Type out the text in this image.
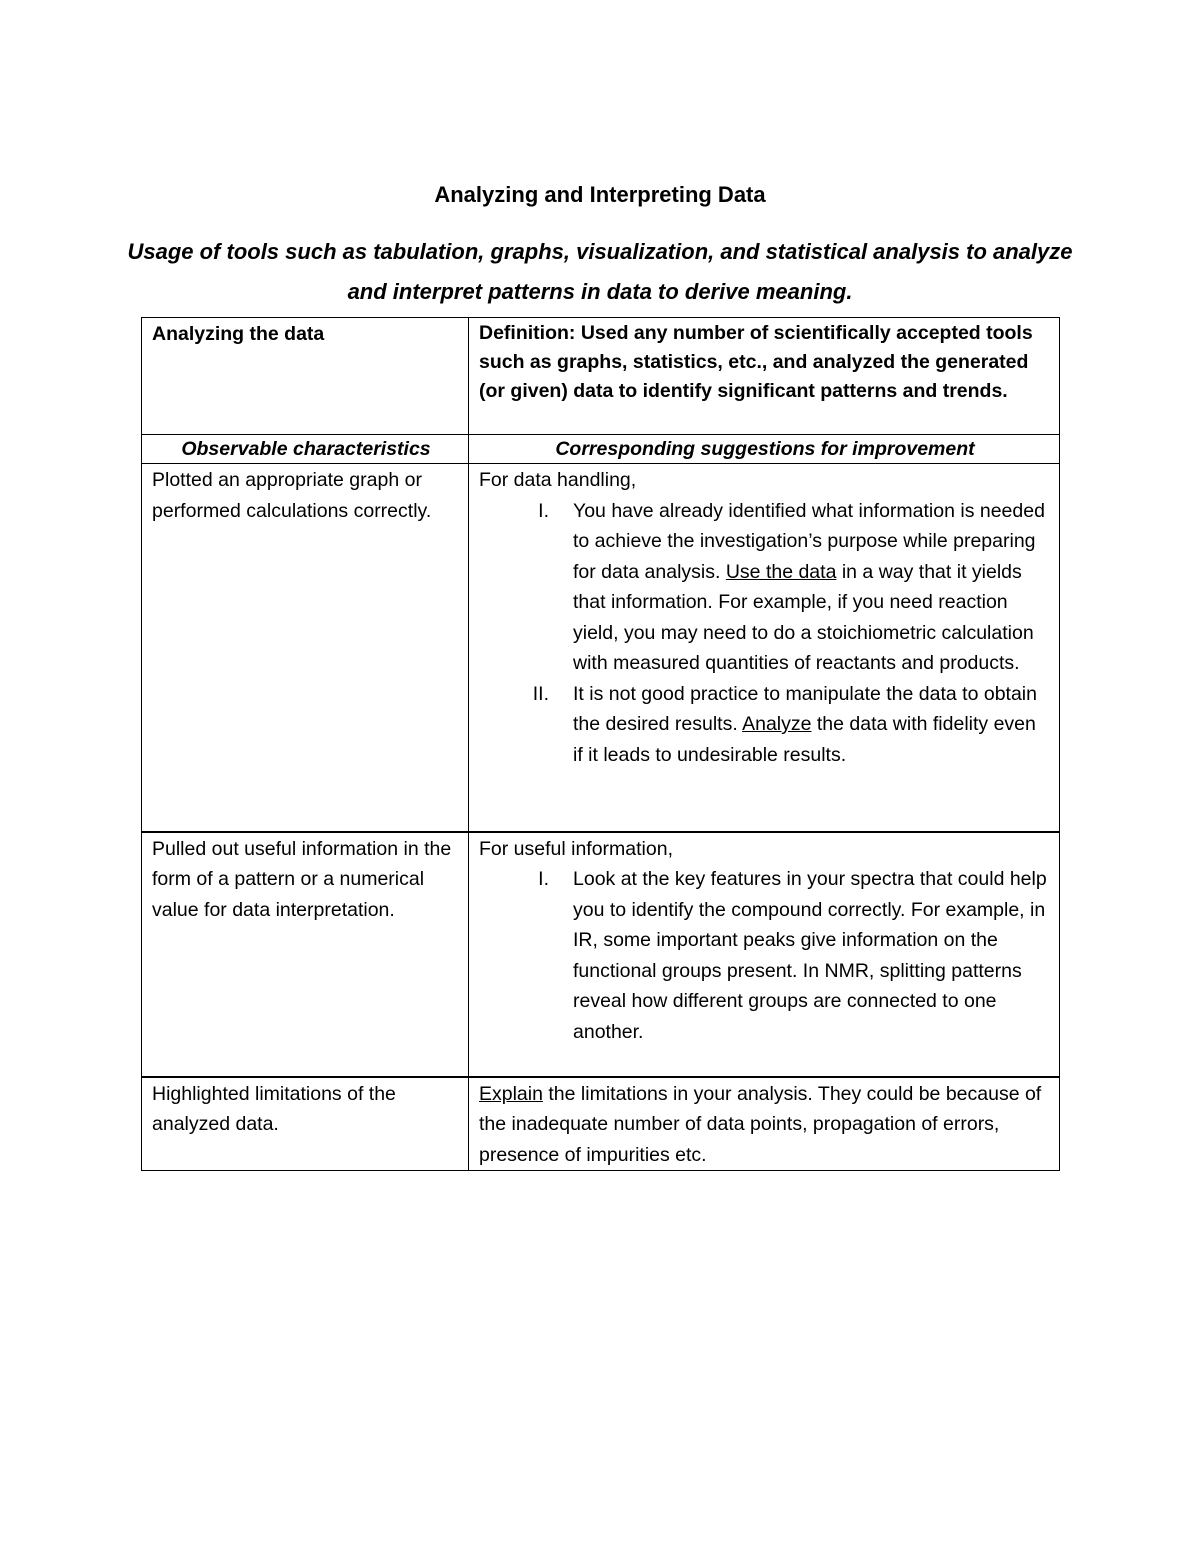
Analyzing and Interpreting Data
Usage of tools such as tabulation, graphs, visualization, and statistical analysis to analyze and interpret patterns in data to derive meaning.
Analyzing the data	Definition: Used any number of scientifically accepted tools such as graphs, statistics, etc., and analyzed the generated (or given) data to identify significant patterns and trends.
Observable characteristics	Corresponding suggestions for improvement
Plotted an appropriate graph or performed calculations correctly.	For data handling,
I. You have already identified what information is needed to achieve the investigation’s purpose while preparing for data analysis. Use the data in a way that it yields that information. For example, if you need reaction yield, you may need to do a stoichiometric calculation with measured quantities of reactants and products.
II. It is not good practice to manipulate the data to obtain the desired results. Analyze the data with fidelity even if it leads to undesirable results.

Pulled out useful information in the form of a pattern or a numerical value for data interpretation.	For useful information,
I. Look at the key features in your spectra that could help you to identify the compound correctly. For example, in IR, some important peaks give information on the functional groups present. In NMR, splitting patterns reveal how different groups are connected to one another.

Highlighted limitations of the analyzed data.	Explain the limitations in your analysis. They could be because of the inadequate number of data points, propagation of errors, presence of impurities etc.
